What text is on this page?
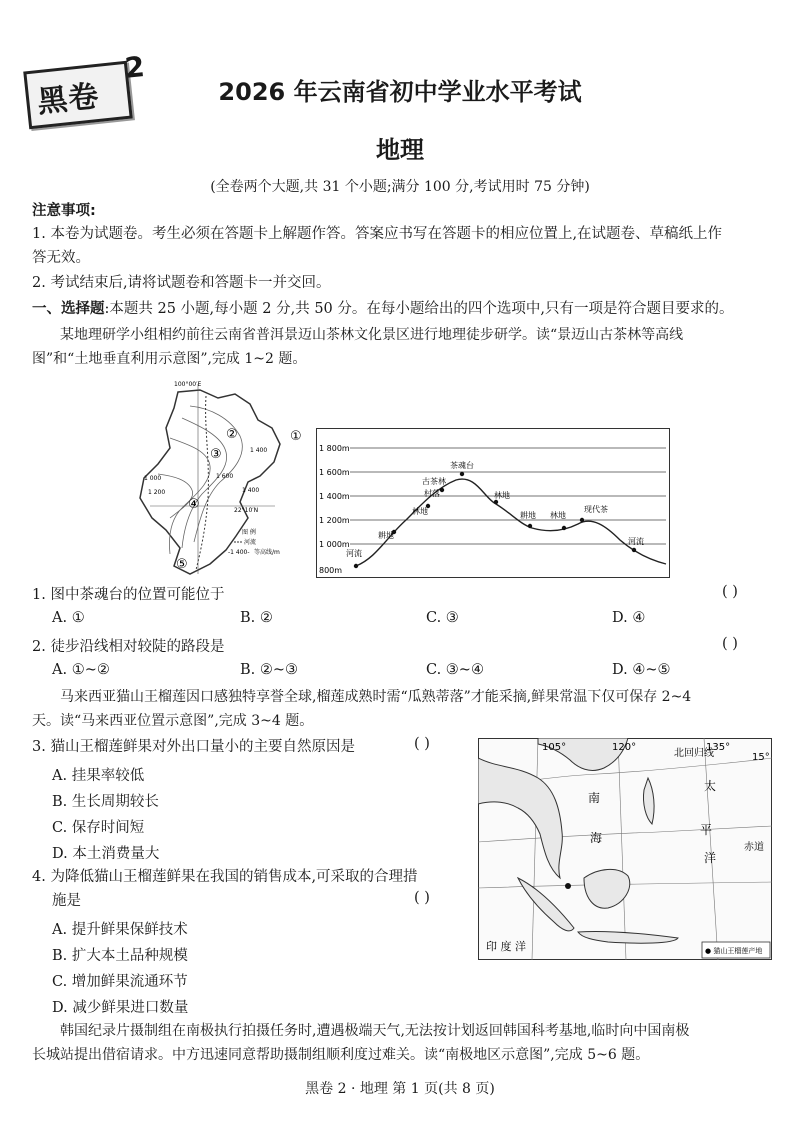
黑卷
2
2026 年云南省初中学业水平考试
地理
(全卷两个大题,共 31 个小题;满分 100 分,考试用时 75 分钟)
注意事项:
1. 本卷为试题卷。考生必须在答题卡上解题作答。答案应书写在答题卡的相应位置上,在试题卷、草稿纸上作
答无效。
2. 考试结束后,请将试题卷和答题卡一并交回。
一、选择题:本题共 25 小题,每小题 2 分,共 50 分。在每小题给出的四个选项中,只有一项是符合题目要求的。
某地理研学小组相约前往云南省普洱景迈山茶林文化景区进行地理徒步研学。读“景迈山古茶林等高线
图”和“土地垂直利用示意图”,完成 1~2 题。
100°00′E
22°10′N
①
②
③
④
⑤
1 400
1 600
1 000
1 200	1 400
图 例
河流
-1 400- 等高线/m
1 800m
1 600m
1 400m
1 200m
1 000m
800m
河流
耕地
林地
古茶林
村落
茶魂台
林地
耕地 林地
现代茶
河流
1. 图中茶魂台的位置可能位于	( )
A. ①	B. ②	C. ③	D. ④
2. 徒步沿线相对较陡的路段是	( )
A. ①~②	B. ②~③	C. ③~④	D. ④~⑤
马来西亚猫山王榴莲因口感独特享誉全球,榴莲成熟时需“瓜熟蒂落”才能采摘,鲜果常温下仅可保存 2~4
天。读“马来西亚位置示意图”,完成 3~4 题。
3. 猫山王榴莲鲜果对外出口量小的主要自然原因是	( )
A. 挂果率较低
B. 生长周期较长
C. 保存时间短
D. 本土消费量大
4. 为降低猫山王榴莲鲜果在我国的销售成本,可采取的合理措
施是	( )
A. 提升鲜果保鲜技术
B. 扩大本土品种规模
C. 增加鲜果流通环节
D. 减少鲜果进口数量
105°	120°	135°
15°
北回归线
南
海
太
平
洋
赤道
印 度 洋	● 猫山王榴莲产地
韩国纪录片摄制组在南极执行拍摄任务时,遭遇极端天气,无法按计划返回韩国科考基地,临时向中国南极
长城站提出借宿请求。中方迅速同意帮助摄制组顺利度过难关。读“南极地区示意图”,完成 5~6 题。
黑卷 2 · 地理 第 1 页(共 8 页)
